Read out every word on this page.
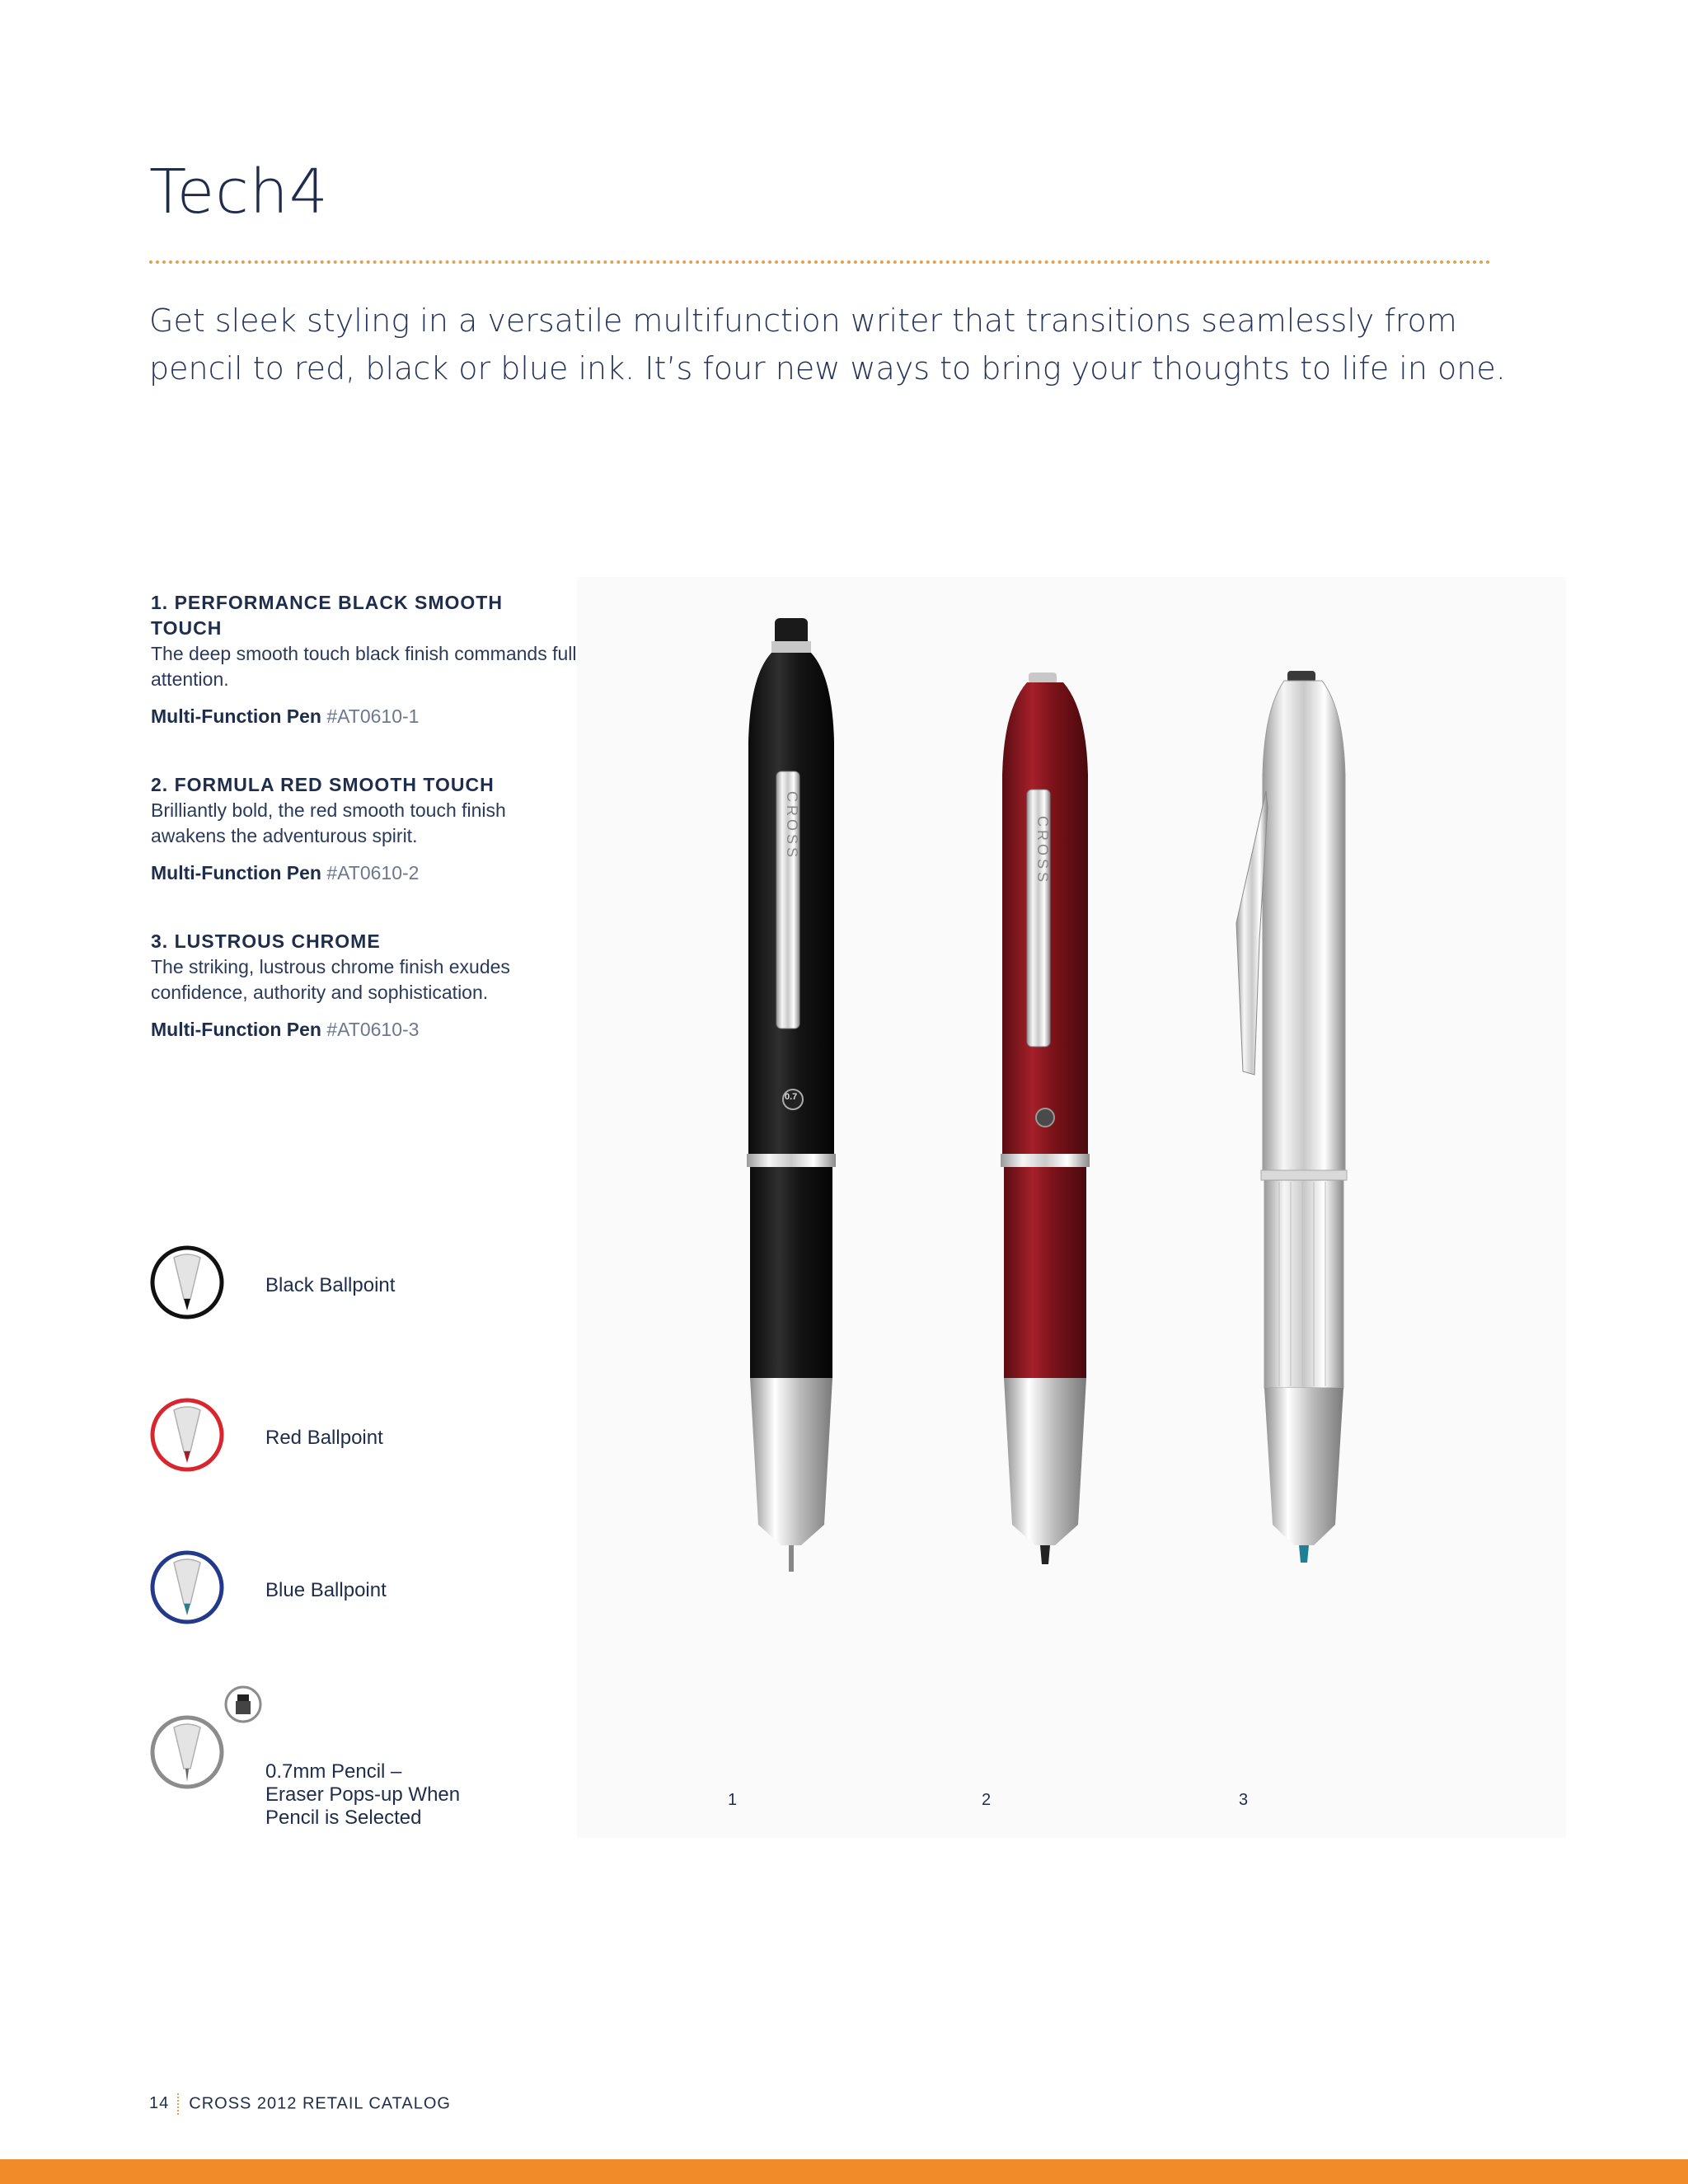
Tech4
Get sleek styling in a versatile multifunction writer that transitions seamlessly from pencil to red, black or blue ink. It’s four new ways to bring your thoughts to life in one.
1. PERFORMANCE BLACK SMOOTH TOUCH
The deep smooth touch black finish commands full attention.
Multi-Function Pen #AT0610-1
2. FORMULA RED SMOOTH TOUCH
Brilliantly bold, the red smooth touch finish awakens the adventurous spirit.
Multi-Function Pen #AT0610-2
3. LUSTROUS CHROME
The striking, lustrous chrome finish exudes confidence, authority and sophistication.
Multi-Function Pen #AT0610-3
Black Ballpoint
Red Ballpoint
Blue Ballpoint
0.7mm Pencil –
Eraser Pops-up When
Pencil is Selected
CROSS	CROSS
0.7
1	2	3
14 CROSS 2012 RETAIL CATALOG
